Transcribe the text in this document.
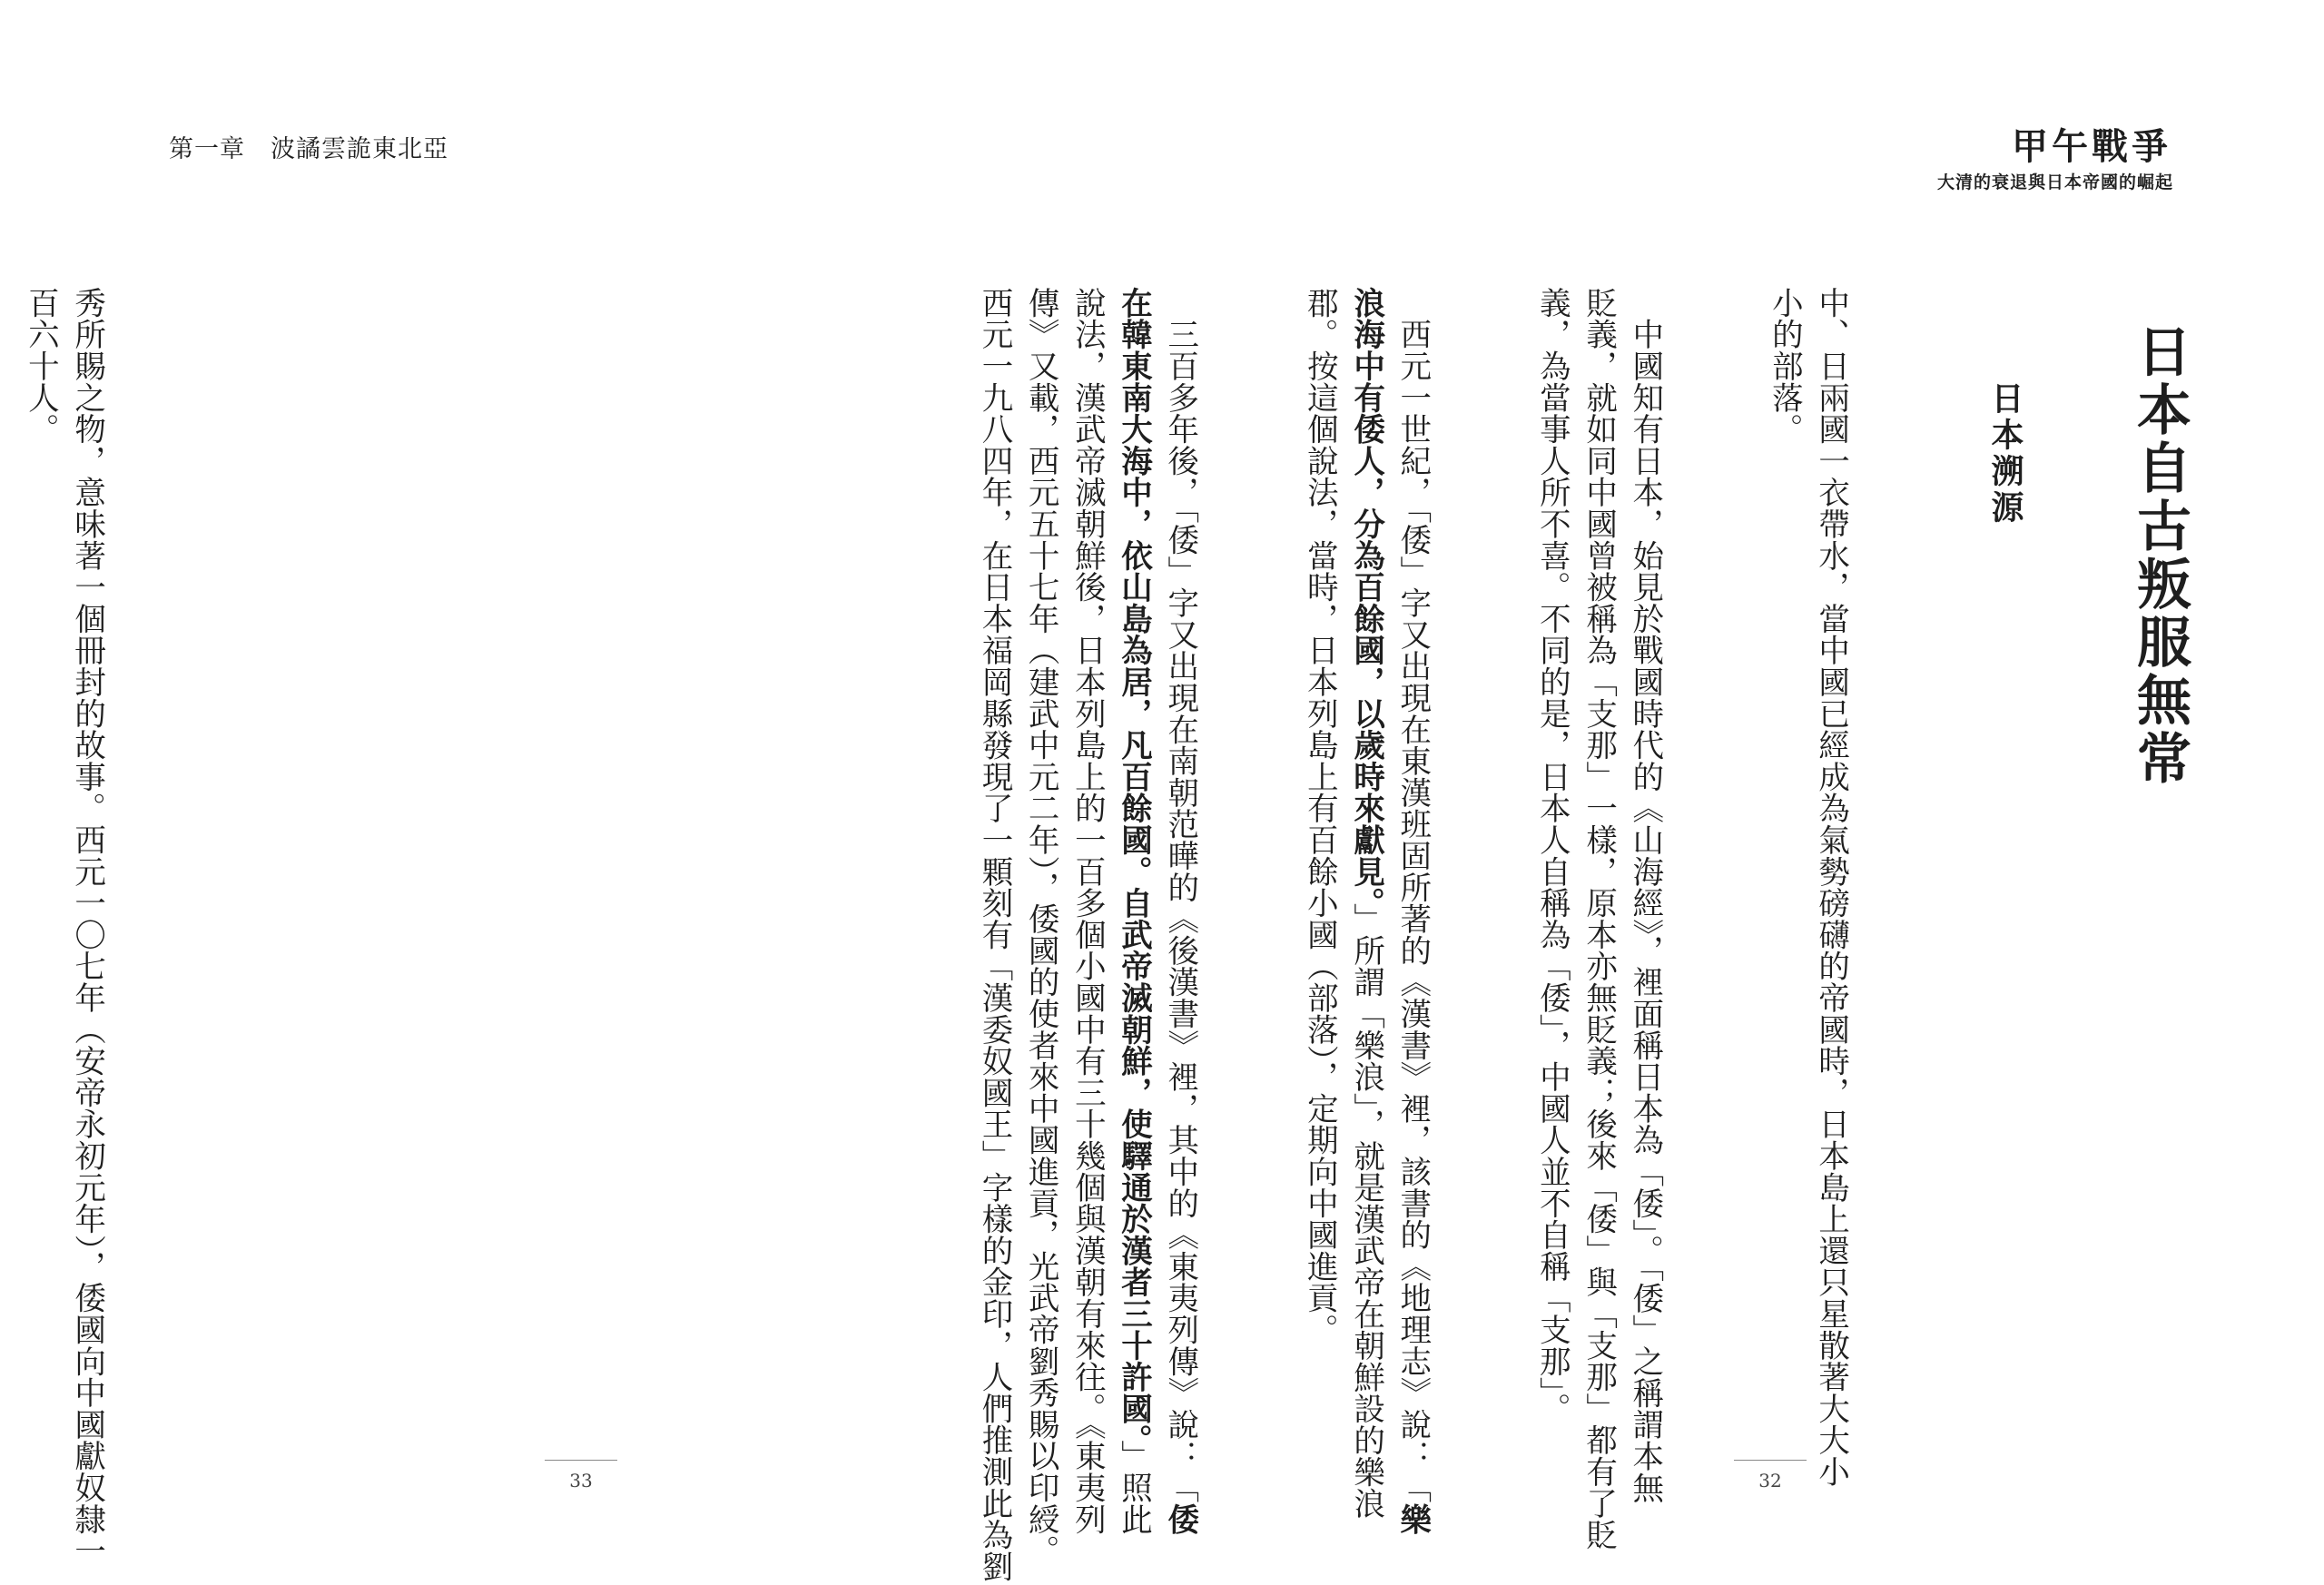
第一章　波譎雲詭東北亞

秀所賜之物，意味著一個冊封的故事。西元一〇七年（安帝永初元年），倭國向中國獻奴隸一
百六十人。

33
甲午戰爭
大清的衰退與日本帝國的崛起
日本自古叛服無常
日本溯源

中、日兩國一衣帶水，當中國已經成為氣勢磅礴的帝國時，日本島上還只星散著大大小
小的部落。

　中國知有日本，始見於戰國時代的《山海經》，裡面稱日本為「倭」。「倭」之稱謂本無
貶義，就如同中國曾被稱為「支那」一樣，原本亦無貶義；後來「倭」與「支那」都有了貶
義，為當事人所不喜。不同的是，日本人自稱為「倭」，中國人並不自稱「支那」。

　西元一世紀，「倭」字又出現在東漢班固所著的《漢書》裡，該書的《地理志》說：「樂
浪海中有倭人，分為百餘國，以歲時來獻見。」所謂「樂浪」，就是漢武帝在朝鮮設的樂浪
郡。按這個說法，當時，日本列島上有百餘小國（部落），定期向中國進貢。

　三百多年後，「倭」字又出現在南朝范曄的《後漢書》裡，其中的《東夷列傳》說：「倭
在韓東南大海中，依山島為居，凡百餘國。自武帝滅朝鮮，使驛通於漢者三十許國。」照此
說法，漢武帝滅朝鮮後，日本列島上的一百多個小國中有三十幾個與漢朝有來往。《東夷列
傳》又載，西元五十七年（建武中元二年），倭國的使者來中國進貢，光武帝劉秀賜以印綬。
西元一九八四年，在日本福岡縣發現了一顆刻有「漢委奴國王」字樣的金印，人們推測此為劉	32
